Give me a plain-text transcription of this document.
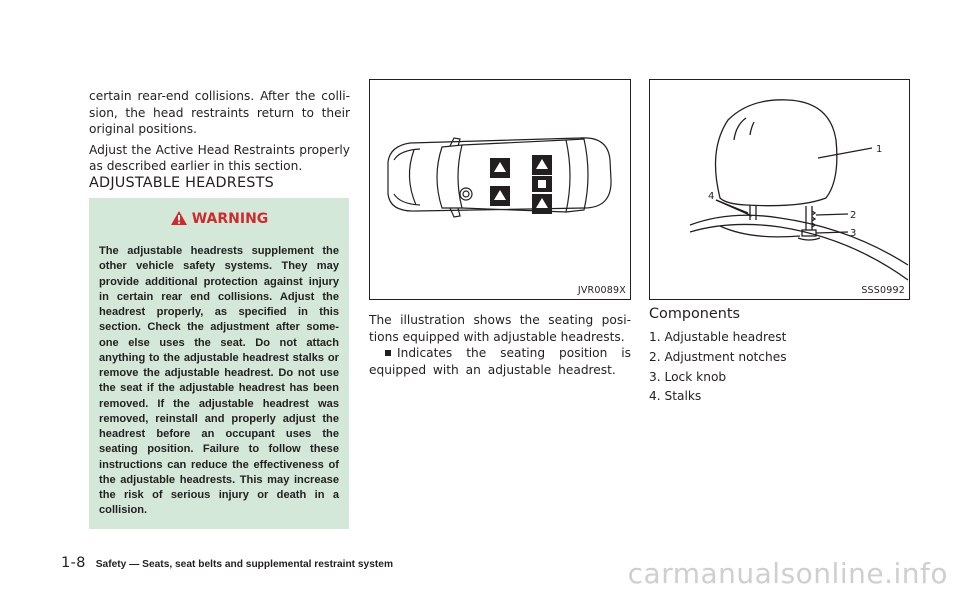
certain rear-end collisions. After the colli-sion, the head restraints return to their original positions.

Adjust the Active Head Restraints properly as described earlier in this section.

ADJUSTABLE HEADRESTS
WARNING

The adjustable headrests supplement the other vehicle safety systems. They may provide additional protection against injury in certain rear end collisions. Adjust the headrest properly, as specified in this section. Check the adjustment after some-one else uses the seat. Do not attach anything to the adjustable headrest stalks or remove the adjustable headrest. Do not use the seat if the adjustable headrest has been removed. If the adjustable headrest was removed, reinstall and properly adjust the headrest before an occupant uses the seating position. Failure to follow these instructions can reduce the effectiveness of the adjustable headrests. This may increase the risk of serious injury or death in a collision.

JVR0089X
1
2
3
4
SSS0992

The illustration shows the seating posi-tions equipped with adjustable headrests.

Indicates the seating position is equipped with an adjustable headrest.

Components
1. Adjustable headrest
2. Adjustment notches
3. Lock knob
4. Stalks
1-8 Safety — Seats, seat belts and supplemental restraint system	carmanualsonline.info
